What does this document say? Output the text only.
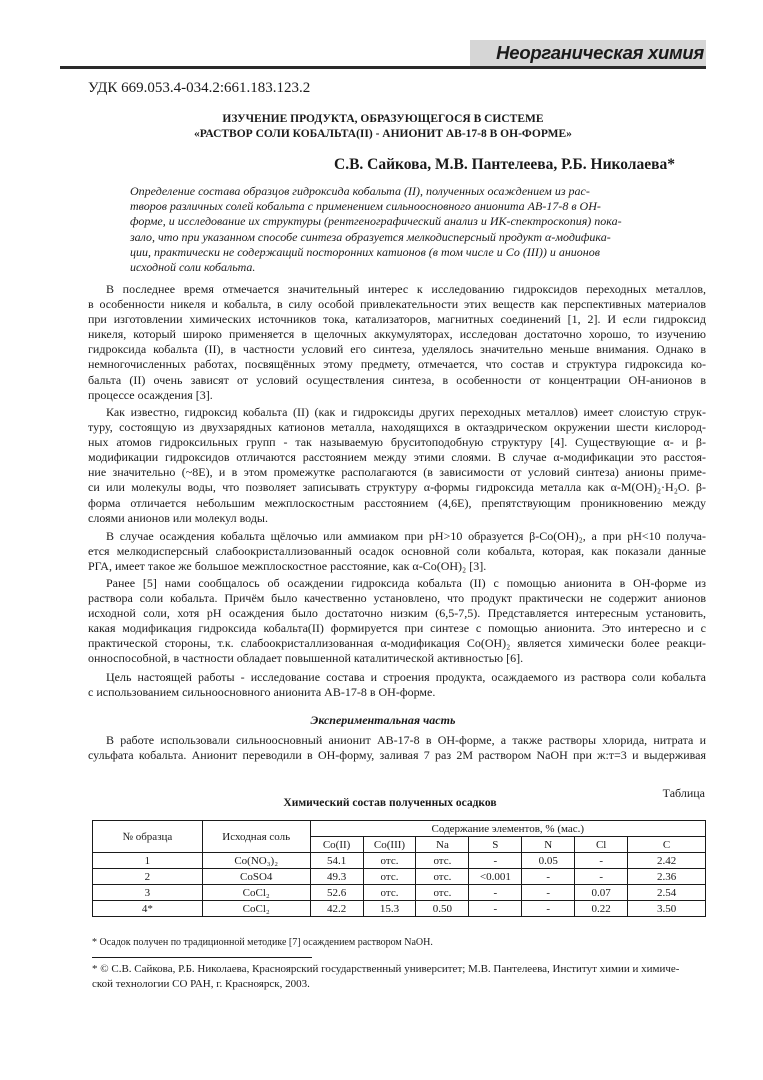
Неорганическая химия
УДК 669.053.4-034.2:661.183.123.2
ИЗУЧЕНИЕ ПРОДУКТА, ОБРАЗУЮЩЕГОСЯ В СИСТЕМЕ
«РАСТВОР СОЛИ КОБАЛЬТА(II) - АНИОНИТ АВ-17-8 В ОН-ФОРМЕ»
С.В. Сайкова, М.В. Пантелеева, Р.Б. Николаева*
Определение состава образцов гидроксида кобальта (II), полученных осаждением из рас-
творов различных солей кобальта с применением сильноосновного анионита АВ-17-8 в ОН-
форме, и исследование их структуры (рентгенографический анализ и ИК-спектроскопия) пока-
зало, что при указанном способе синтеза образуется мелкодисперсный продукт α-модифика-
ции, практически не содержащий посторонних катионов (в том числе и Со (III)) и анионов
исходной соли кобальта.
В последнее время отмечается значительный интерес к исследованию гидроксидов переходных металлов,
в особенности никеля и кобальта, в силу особой привлекательности этих веществ как перспективных материалов
при изготовлении химических источников тока, катализаторов, магнитных соединений [1, 2]. И если гидроксид
никеля, который широко применяется в щелочных аккумуляторах, исследован достаточно хорошо, то изучению
гидроксида кобальта (II), в частности условий его синтеза, уделялось значительно меньше внимания. Однако в
немногочисленных работах, посвящённых этому предмету, отмечается, что состав и структура гидроксида ко-
бальта (II) очень зависят от условий осуществления синтеза, в особенности от концентрации ОН-анионов в
процессе осаждения [3].
Как известно, гидроксид кобальта (II) (как и гидроксиды других переходных металлов) имеет слоистую струк-
туру, состоящую из двухзарядных катионов металла, находящихся в октаэдрическом окружении шести кислород-
ных атомов гидроксильных групп - так называемую бруситоподобную структуру [4]. Существующие α- и β-
модификации гидроксидов отличаются расстоянием между этими слоями. В случае α-модификации это расстоя-
ние значительно (~8Е), и в этом промежутке располагаются (в зависимости от условий синтеза) анионы приме-
си или молекулы воды, что позволяет записывать структуру α-формы гидроксида металла как α-M(OH)₂·H₂O. β-
форма отличается небольшим межплоскостным расстоянием (4,6Е), препятствующим проникновению между
слоями анионов или молекул воды.
В случае осаждения кобальта щёлочью или аммиаком при рН>10 образуется β-Co(OH)₂, а при рН<10 получа-
ется мелкодисперсный слабоокристаллизованный осадок основной соли кобальта, которая, как показали данные
РГА, имеет такое же большое межплоскостное расстояние, как α-Co(OH)₂ [3].
Ранее [5] нами сообщалось об осаждении гидроксида кобальта (II) с помощью анионита в ОН-форме из
раствора соли кобальта. Причём было качественно установлено, что продукт практически не содержит анионов
исходной соли, хотя рН осаждения было достаточно низким (6,5-7,5). Представляется интересным установить,
какая модификация гидроксида кобальта(II) формируется при синтезе с помощью анионита. Это интересно и с
практической стороны, т.к. слабоокристаллизованная α-модификация Co(OH)₂ является химически более реакци-
онноспособной, в частности обладает повышенной каталитической активностью [6].
Цель настоящей работы - исследование состава и строения продукта, осаждаемого из раствора соли кобальта
с использованием сильноосновного анионита АВ-17-8 в ОН-форме.
Экспериментальная часть
В работе использовали сильноосновный анионит АВ-17-8 в ОН-форме, а также растворы хлорида, нитрата и
сульфата кобальта. Анионит переводили в ОН-форму, заливая 7 раз 2М раствором NaOH при ж:т=3 и выдерживая
Таблица
Химический состав полученных осадков
№ образца	Исходная соль	Содержание элементов, % (мас.)						
		Co(II)	Co(III)	Na	S	N	Cl	C
1	Co(NO₃)₂	54.1	отс.	отс.	-	0.05	-	2.42
2	CoSO4	49.3	отс.	отс.	<0.001	-	-	2.36
3	CoCl₂	52.6	отс.	отс.	-	-	0.07	2.54
4*	CoCl₂	42.2	15.3	0.50	-	-	0.22	3.50
* Осадок получен по традиционной методике [7] осаждением раствором NaOH.
* © С.В. Сайкова, Р.Б. Николаева, Красноярский государственный университет; М.В. Пантелеева, Институт химии и химиче-
ской технологии СО РАН, г. Красноярск, 2003.
